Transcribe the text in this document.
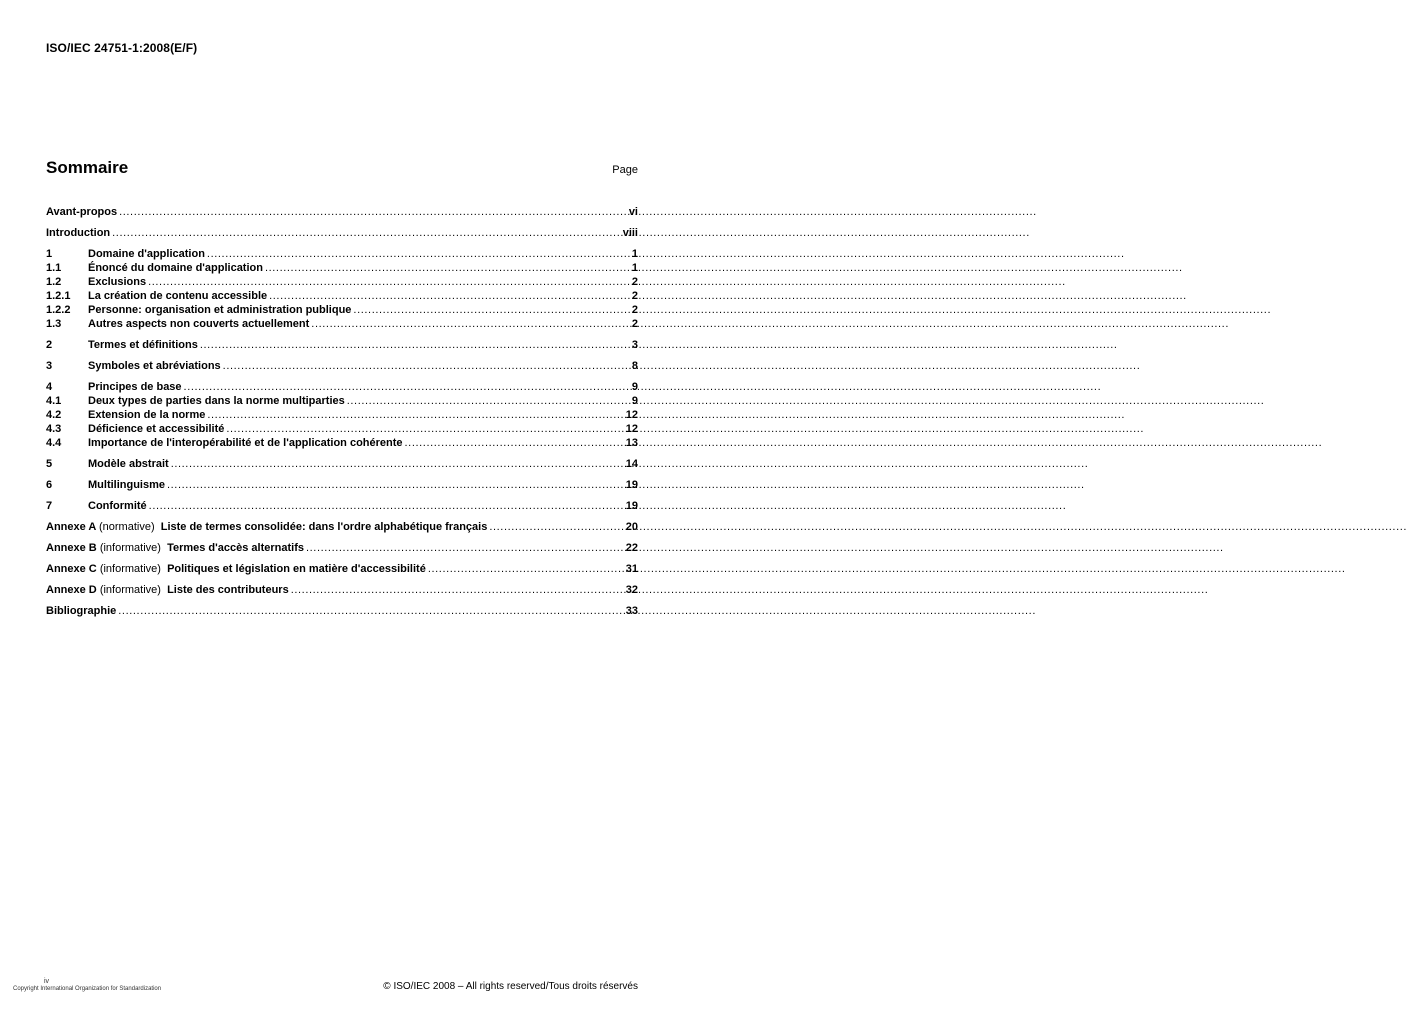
ISO/IEC 24751-1:2008(E/F)
Sommaire	Page
Avant-propos .....	vi
Introduction .....	viii
1	Domaine d'application .....	1
1.1	Énoncé du domaine d'application .....	1
1.2	Exclusions .....	2
1.2.1	La création de contenu accessible .....	2
1.2.2	Personne: organisation et administration publique .....	2
1.3	Autres aspects non couverts actuellement .....	2
2	Termes et définitions .....	3
3	Symboles et abréviations .....	8
4	Principes de base .....	9
4.1	Deux types de parties dans la norme multiparties .....	9
4.2	Extension de la norme .....	12
4.3	Déficience et accessibilité .....	12
4.4	Importance de l'interopérabilité et de l'application cohérente .....	13
5	Modèle abstrait .....	14
6	Multilinguisme .....	19
7	Conformité .....	19
Annexe A (normative) Liste de termes consolidée: dans l'ordre alphabétique français .....	20
Annexe B (informative) Termes d'accès alternatifs .....	22
Annexe C (informative) Politiques et législation en matière d'accessibilité .....	31
Annexe D (informative) Liste des contributeurs .....	32
Bibliographie .....	33
iv
Copyright International Organization for Standardization	© ISO/IEC 2008 – All rights reserved/Tous droits réservés
